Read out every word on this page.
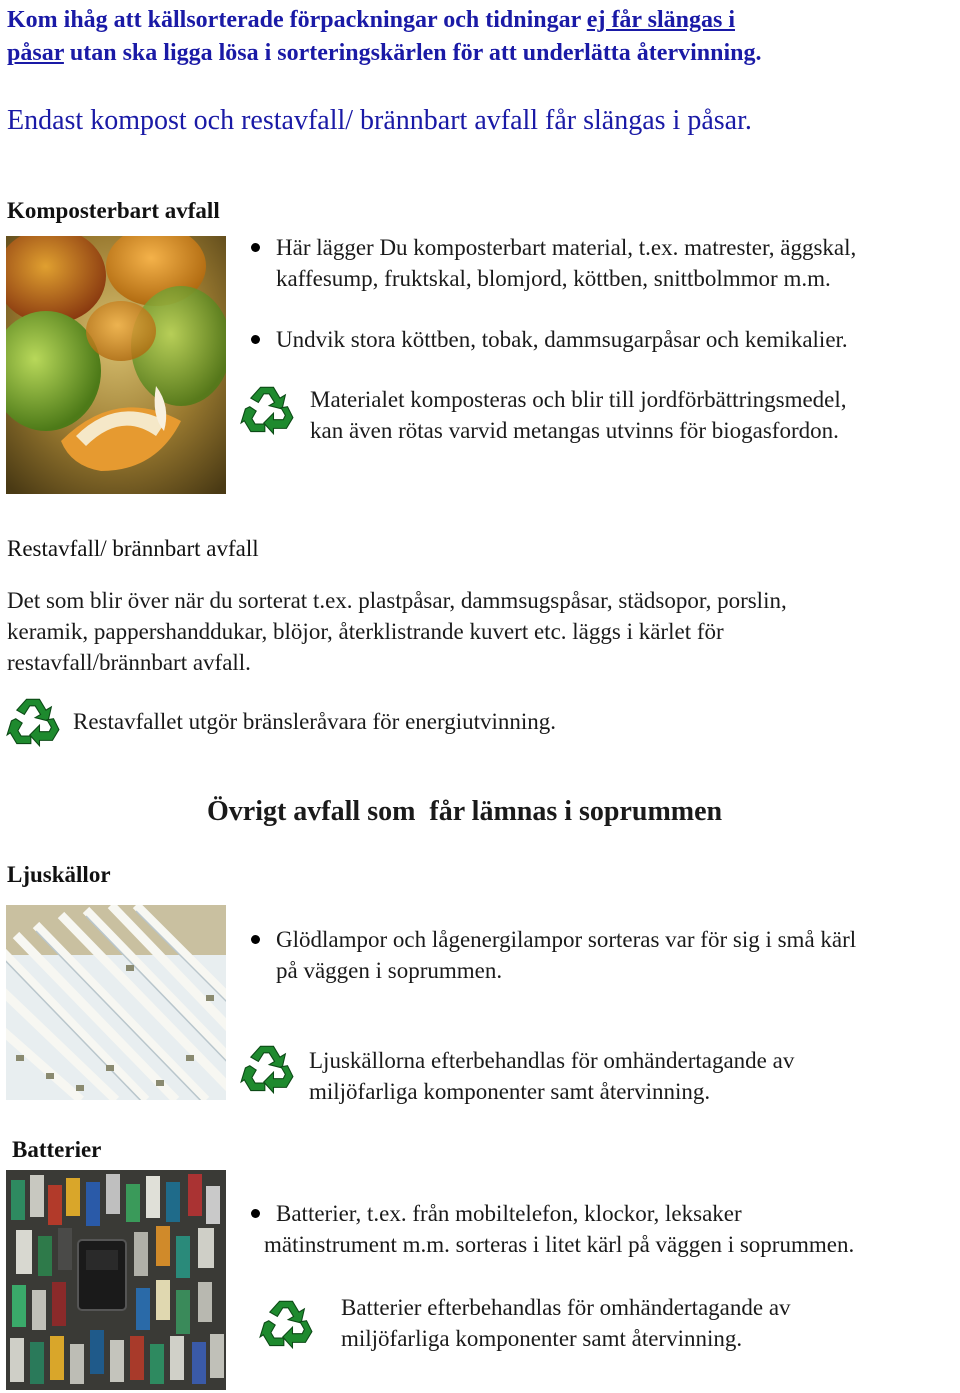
Kom ihåg att källsorterade förpackningar och tidningar ej får slängas i
påsar utan ska ligga lösa i sorteringskärlen för att underlätta återvinning.
Endast kompost och restavfall/ brännbart avfall får slängas i påsar.
Komposterbart avfall
Här lägger Du komposterbart material, t.ex. matrester, äggskal,
kaffesump, fruktskal, blomjord, köttben, snittbolmmor m.m.
Undvik stora köttben, tobak, dammsugarpåsar och kemikalier.
Materialet komposteras och blir till jordförbättringsmedel,
kan även rötas varvid metangas utvinns för biogasfordon.
Restavfall/ brännbart avfall
Det som blir över när du sorterat t.ex. plastpåsar, dammsugspåsar, städsopor, porslin,
keramik, pappershanddukar, blöjor, återklistrande kuvert etc. läggs i kärlet för
restavfall/brännbart avfall.
Restavfallet utgör bränsleråvara för energiutvinning.
Övrigt avfall som  får lämnas i soprummen
Ljuskällor
Glödlampor och lågenergilampor sorteras var för sig i små kärl
på väggen i soprummen.
Ljuskällorna efterbehandlas för omhändertagande av
miljöfarliga komponenter samt återvinning.
Batterier
Batterier, t.ex. från mobiltelefon, klockor, leksaker
mätinstrument m.m. sorteras i litet kärl på väggen i soprummen.
Batterier efterbehandlas för omhändertagande av
miljöfarliga komponenter samt återvinning.
